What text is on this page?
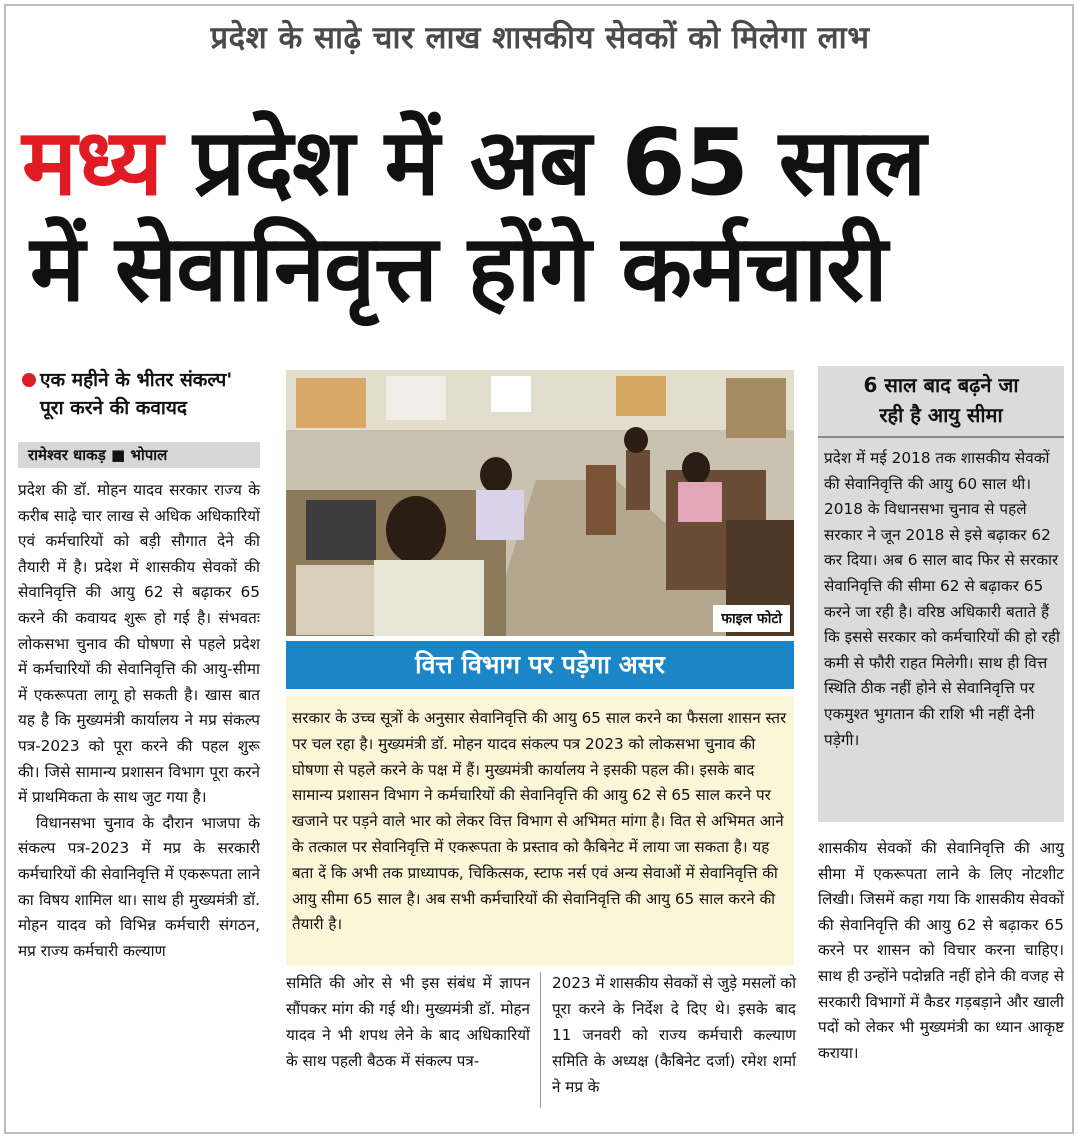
प्रदेश के साढ़े चार लाख शासकीय सेवकों को मिलेगा लाभ
मध्य प्रदेश में अब 65 साल
में सेवानिवृत्त होंगे कर्मचारी
एक महीने के भीतर संकल्प'
पूरा करने की कवायद
रामेश्वर धाकड़ ■ भोपाल

प्रदेश की डॉ. मोहन यादव सरकार राज्य के करीब साढ़े चार लाख से अधिक अधिकारियों एवं कर्मचारियों को बड़ी सौगात देने की तैयारी में है। प्रदेश में शासकीय सेवकों की सेवानिवृत्ति की आयु 62 से बढ़ाकर 65 करने की कवायद शुरू हो गई है। संभवतः लोकसभा चुनाव की घोषणा से पहले प्रदेश में कर्मचारियों की सेवानिवृत्ति की आयु-सीमा में एकरूपता लागू हो सकती है। खास बात यह है कि मुख्यमंत्री कार्यालय ने मप्र संकल्प पत्र-2023 को पूरा करने की पहल शुरू की। जिसे सामान्य प्रशासन विभाग पूरा करने में प्राथमिकता के साथ जुट गया है।

विधानसभा चुनाव के दौरान भाजपा के संकल्प पत्र-2023 में मप्र के सरकारी कर्मचारियों की सेवानिवृत्ति में एकरूपता लाने का विषय शामिल था। साथ ही मुख्यमंत्री डॉ. मोहन यादव को विभिन्न कर्मचारी संगठन, मप्र राज्य कर्मचारी कल्याण

फाइल फोटो
वित्त विभाग पर पड़ेगा असर

सरकार के उच्च सूत्रों के अनुसार सेवानिवृत्ति की आयु 65 साल करने का फैसला शासन स्तर पर चल रहा है। मुख्यमंत्री डॉ. मोहन यादव संकल्प पत्र 2023 को लोकसभा चुनाव की घोषणा से पहले करने के पक्ष में हैं। मुख्यमंत्री कार्यालय ने इसकी पहल की। इसके बाद सामान्य प्रशासन विभाग ने कर्मचारियों की सेवानिवृत्ति की आयु 62 से 65 साल करने पर खजाने पर पड़ने वाले भार को लेकर वित्त विभाग से अभिमत मांगा है। वित से अभिमत आने के तत्काल पर सेवानिवृत्ति में एकरूपता के प्रस्ताव को कैबिनेट में लाया जा सकता है। यह बता दें कि अभी तक प्राध्यापक, चिकित्सक, स्टाफ नर्स एवं अन्य सेवाओं में सेवानिवृत्ति की आयु सीमा 65 साल है। अब सभी कर्मचारियों की सेवानिवृत्ति की आयु 65 साल करने की तैयारी है।

समिति की ओर से भी इस संबंध में ज्ञापन सौंपकर मांग की गई थी। मुख्यमंत्री डॉ. मोहन यादव ने भी शपथ लेने के बाद अधिकारियों के साथ पहली बैठक में संकल्प पत्र-

2023 में शासकीय सेवकों से जुड़े मसलों को पूरा करने के निर्देश दे दिए थे। इसके बाद 11 जनवरी को राज्य कर्मचारी कल्याण समिति के अध्यक्ष (कैबिनेट दर्जा) रमेश शर्मा ने मप्र के

6 साल बाद बढ़ने जा
रही है आयु सीमा

प्रदेश में मई 2018 तक शासकीय सेवकों की सेवानिवृत्ति की आयु 60 साल थी। 2018 के विधानसभा चुनाव से पहले सरकार ने जून 2018 से इसे बढ़ाकर 62 कर दिया। अब 6 साल बाद फिर से सरकार सेवानिवृत्ति की सीमा 62 से बढ़ाकर 65 करने जा रही है। वरिष्ठ अधिकारी बताते हैं कि इससे सरकार को कर्मचारियों की हो रही कमी से फौरी राहत मिलेगी। साथ ही वित्त स्थिति ठीक नहीं होने से सेवानिवृत्ति पर एकमुश्त भुगतान की राशि भी नहीं देनी पड़ेगी।

शासकीय सेवकों की सेवानिवृत्ति की आयु सीमा में एकरूपता लाने के लिए नोटशीट लिखी। जिसमें कहा गया कि शासकीय सेवकों की सेवानिवृत्ति की आयु 62 से बढ़ाकर 65 करने पर शासन को विचार करना चाहिए। साथ ही उन्होंने पदोन्नति नहीं होने की वजह से सरकारी विभागों में कैडर गड़बड़ाने और खाली पदों को लेकर भी मुख्यमंत्री का ध्यान आकृष्ट कराया।
